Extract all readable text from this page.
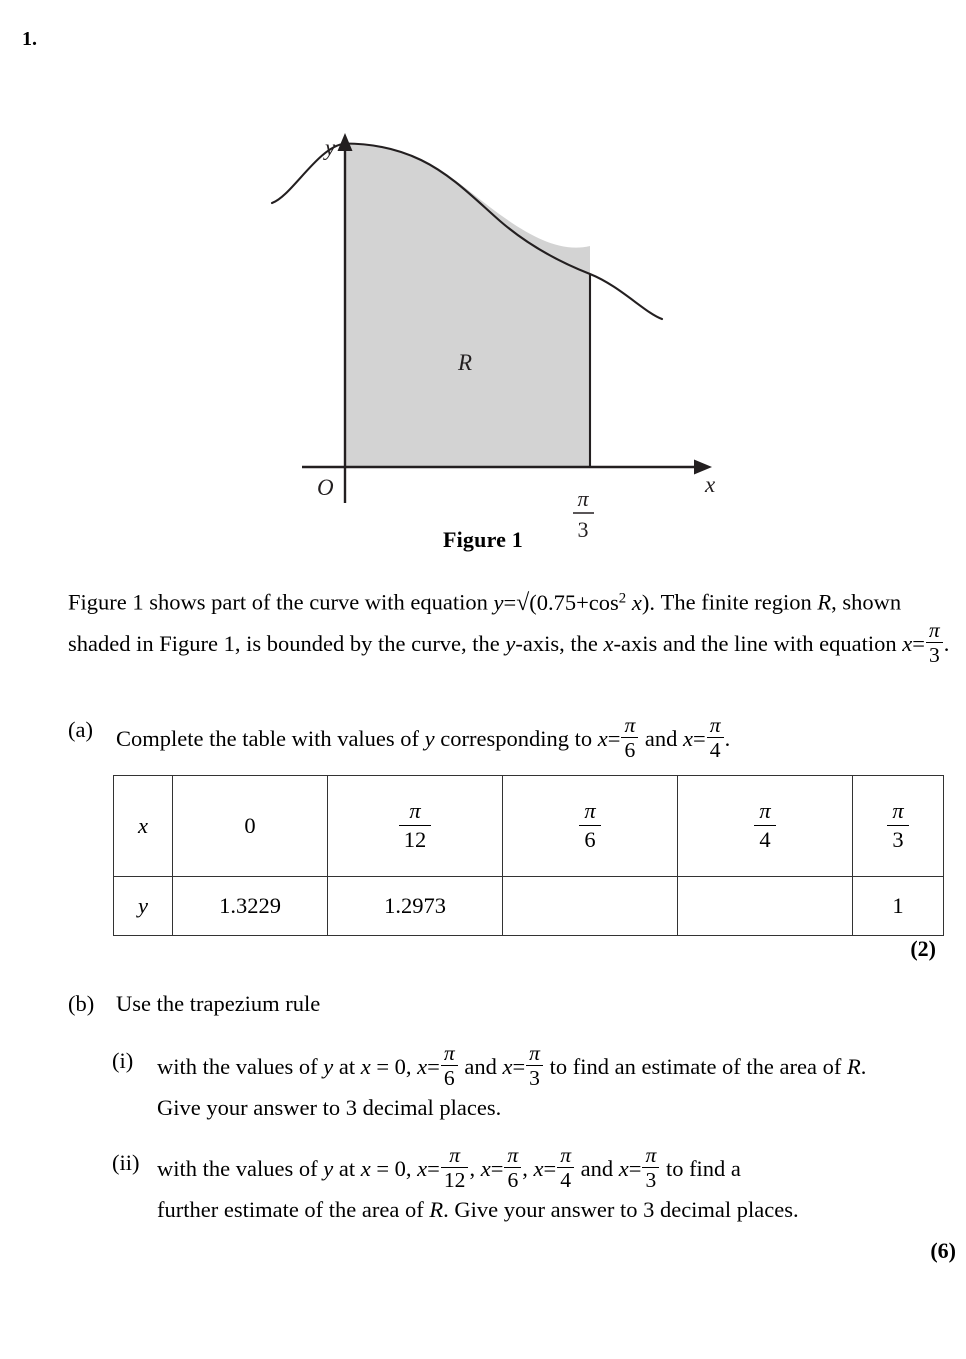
1.
y
x
O
R
π
3
Figure 1
Figure 1 shows part of the curve with equation $y=√(0.75+\cos^2$ x). The finite region R, shown shaded in Figure 1, is bounded by the curve, the y-axis, the x-axis and the line with equation $x= \frac{\pi}{3}$ .
(a) Complete the table with values of y corresponding to $x= \frac{\pi}{6}$ and $x= \frac{\pi}{4}$ .
x	0	$\frac{\pi}{12}$	$\frac{\pi}{6}$	$\frac{\pi}{4}$	$\frac{\pi}{3}$

y	1.3229	1.2973			1
(2)
(b) Use the trapezium rule
(i) with the values of y at x = 0, $x= \frac{\pi}{6}$ and $x= \frac{\pi}{3}$ to find an estimate of the area of R.
Give your answer to 3 decimal places.
(ii) with the values of y at x = 0, $x= \frac{\pi}{12}$ , $x= \frac{\pi}{6}$ , $x= \frac{\pi}{4}$ and $x= \frac{\pi}{3}$ to find a
further estimate of the area of R. Give your answer to 3 decimal places.
(6)
